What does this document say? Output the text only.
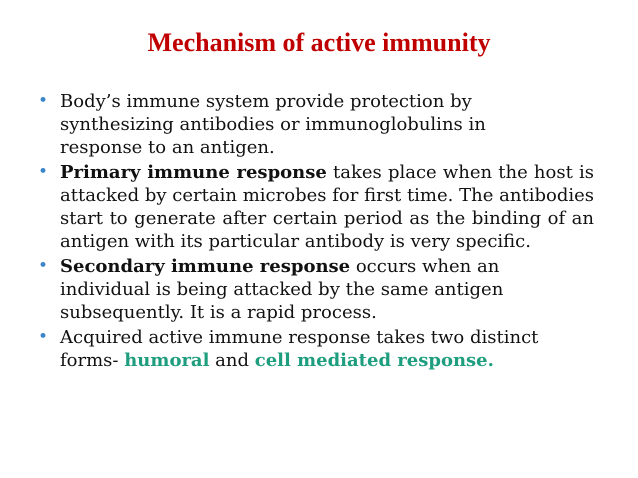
Mechanism of active immunity
• Body’s immune system provide protection by synthesizing antibodies or immunoglobulins in response to an antigen.
• Primary immune response takes place when the host is attacked by certain microbes for first time. The antibodies start to generate after certain period as the binding of an antigen with its particular antibody is very specific.
• Secondary immune response occurs when an individual is being attacked by the same antigen subsequently. It is a rapid process.
• Acquired active immune response takes two distinct forms- humoral and cell mediated response.
